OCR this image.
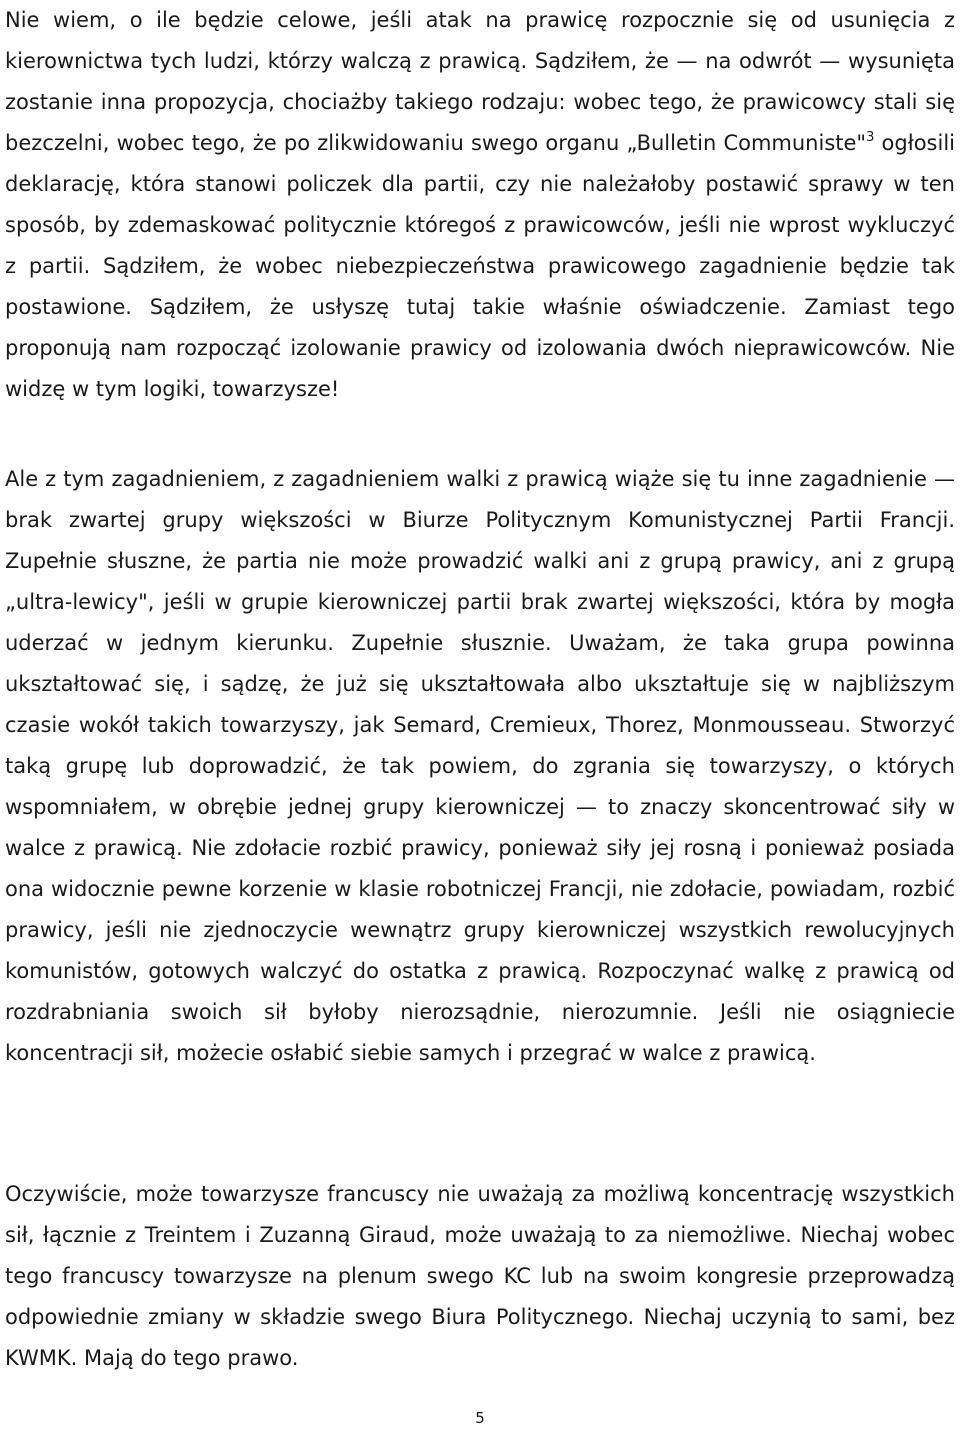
Nie wiem, o ile będzie celowe, jeśli atak na prawicę rozpocznie się od usunięcia z kierownictwa tych ludzi, którzy walczą z prawicą. Sądziłem, że — na odwrót — wysunięta zostanie inna propozycja, chociażby takiego rodzaju: wobec tego, że prawicowcy stali się bezczelni, wobec tego, że po zlikwidowaniu swego organu „Bulletin Communiste"$^3$ ogłosili deklarację, która stanowi policzek dla partii, czy nie należałoby postawić sprawy w ten sposób, by zdemaskować politycznie któregoś z prawicowców, jeśli nie wprost wykluczyć z partii. Sądziłem, że wobec niebezpieczeństwa prawicowego zagadnienie będzie tak postawione. Sądziłem, że usłyszę tutaj takie właśnie oświadczenie. Zamiast tego proponują nam rozpocząć izolowanie prawicy od izolowania dwóch nieprawicowców. Nie widzę w tym logiki, towarzysze!

Ale z tym zagadnieniem, z zagadnieniem walki z prawicą wiąże się tu inne zagadnienie — brak zwartej grupy większości w Biurze Politycznym Komunistycznej Partii Francji. Zupełnie słuszne, że partia nie może prowadzić walki ani z grupą prawicy, ani z grupą „ultra-lewicy", jeśli w grupie kierowniczej partii brak zwartej większości, która by mogła uderzać w jednym kierunku. Zupełnie słusznie. Uważam, że taka grupa powinna ukształtować się, i sądzę, że już się ukształtowała albo ukształtuje się w najbliższym czasie wokół takich towarzyszy, jak Semard, Cremieux, Thorez, Monmousseau. Stworzyć taką grupę lub doprowadzić, że tak powiem, do zgrania się towarzyszy, o których wspomniałem, w obrębie jednej grupy kierowniczej — to znaczy skoncentrować siły w walce z prawicą. Nie zdołacie rozbić prawicy, ponieważ siły jej rosną i ponieważ posiada ona widocznie pewne korzenie w klasie robotniczej Francji, nie zdołacie, powiadam, rozbić prawicy, jeśli nie zjednoczycie wewnątrz grupy kierowniczej wszystkich rewolucyjnych komunistów, gotowych walczyć do ostatka z prawicą. Rozpoczynać walkę z prawicą od rozdrabniania swoich sił byłoby nierozsądnie, nierozumnie. Jeśli nie osiągniecie koncentracji sił, możecie osłabić siebie samych i przegrać w walce z prawicą.

Oczywiście, może towarzysze francuscy nie uważają za możliwą koncentrację wszystkich sił, łącznie z Treintem i Zuzanną Giraud, może uważają to za niemożliwe. Niechaj wobec tego francuscy towarzysze na plenum swego KC lub na swoim kongresie przeprowadzą odpowiednie zmiany w składzie swego Biura Politycznego. Niechaj uczynią to sami, bez KWMK. Mają do tego prawo.

5
